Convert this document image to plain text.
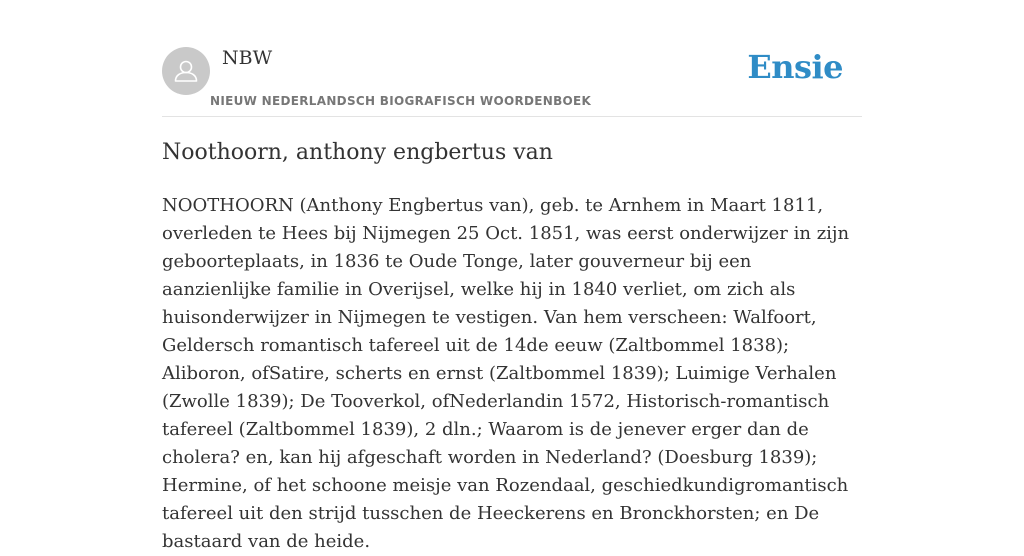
NBW
NIEUW NEDERLANDSCH BIOGRAFISCH WOORDENBOEK
Ensie
Noothoorn, anthony engbertus van

NOOTHOORN (Anthony Engbertus van), geb. te Arnhem in Maart 1811, overleden te Hees bij Nijmegen 25 Oct. 1851, was eerst onderwijzer in zijn geboorteplaats, in 1836 te Oude Tonge, later gouverneur bij een aanzienlijke familie in Overijsel, welke hij in 1840 verliet, om zich als huisonderwijzer in Nijmegen te vestigen. Van hem verscheen: Walfoort, Geldersch romantisch tafereel uit de 14de eeuw (Zaltbommel 1838); Aliboron, ofSatire, scherts en ernst (Zaltbommel 1839); Luimige Verhalen (Zwolle 1839); De Tooverkol, ofNederlandin 1572, Historisch-romantisch tafereel (Zaltbommel 1839), 2 dln.; Waarom is de jenever erger dan de cholera? en, kan hij afgeschaft worden in Nederland? (Doesburg 1839); Hermine, of het schoone meisje van Rozendaal, geschiedkundigromantisch tafereel uit den strijd tusschen de Heeckerens en Bronckhorsten; en De bastaard van de heide.
